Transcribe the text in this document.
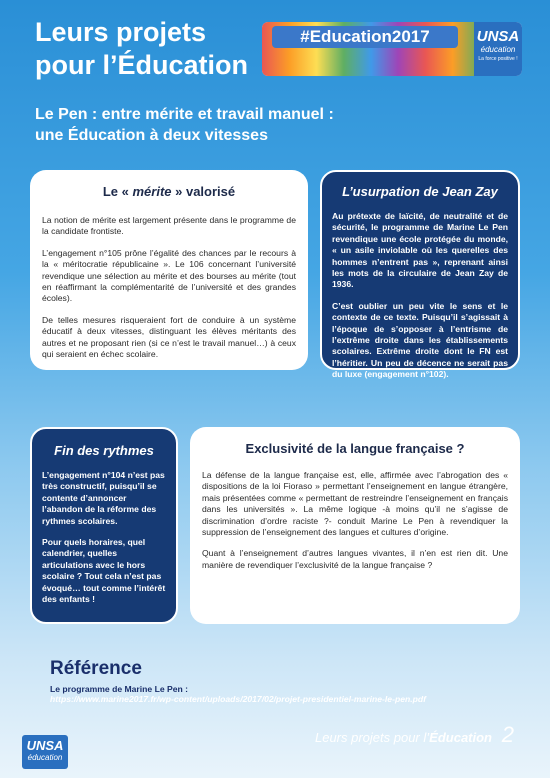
Leurs projets
pour l’Éducation
#Education2017	UNSA
éducation
La force positive !
Le Pen : entre mérite et travail manuel :
une Éducation à deux vitesses
Le « mérite » valorisé

La notion de mérite est largement présente dans le programme de la candidate frontiste.

L’engagement n°105 prône l’égalité des chances par le recours à la « méritocratie républicaine ». Le 106 concernant l’université revendique une sélection au mérite et des bourses au mérite (tout en réaffirmant la complémentarité de l’université et des grandes écoles).

De telles mesures risqueraient fort de conduire à un système éducatif à deux vitesses, distinguant les élèves méritants des autres et ne proposant rien (si ce n’est le travail manuel…) à ceux qui seraient en échec scolaire.

L’usurpation de Jean Zay

Au prétexte de laïcité, de neutralité et de sécurité, le programme de Marine Le Pen revendique une école protégée du monde, « un asile inviolable où les querelles des hommes n’entrent pas », reprenant ainsi les mots de la circulaire de Jean Zay de 1936.

C’est oublier un peu vite le sens et le contexte de ce texte. Puisqu’il s’agissait à l’époque de s’opposer à l’entrisme de l’extrême droite dans les établissements scolaires. Extrême droite dont le FN est l’héritier. Un peu de décence ne serait pas du luxe (engagement n°102).

Fin des rythmes

L’engagement n°104 n’est pas très constructif, puisqu’il se contente d’annoncer l’abandon de la réforme des rythmes scolaires.

Pour quels horaires, quel calendrier, quelles articulations avec le hors scolaire ? Tout cela n’est pas évoqué… tout comme l’intérêt des enfants !

Exclusivité de la langue française ?

La défense de la langue française est, elle, affirmée avec l’abrogation des « dispositions de la loi Fioraso » permettant l’enseignement en langue étrangère, mais présentées comme « permettant de restreindre l’enseignement en français dans les universités ». La même logique -à moins qu’il ne s’agisse de discrimination d’ordre raciste ?- conduit Marine Le Pen à revendiquer la suppression de l’enseignement des langues et cultures d’origine.

Quant à l’enseignement d’autres langues vivantes, il n’en est rien dit. Une manière de revendiquer l’exclusivité de la langue française ?

Référence
Le programme de Marine Le Pen :
https://www.marine2017.fr/wp-content/uploads/2017/02/projet-presidentiel-marine-le-pen.pdf
UNSA
éducation
Leurs projets pour l’Éducation 2
